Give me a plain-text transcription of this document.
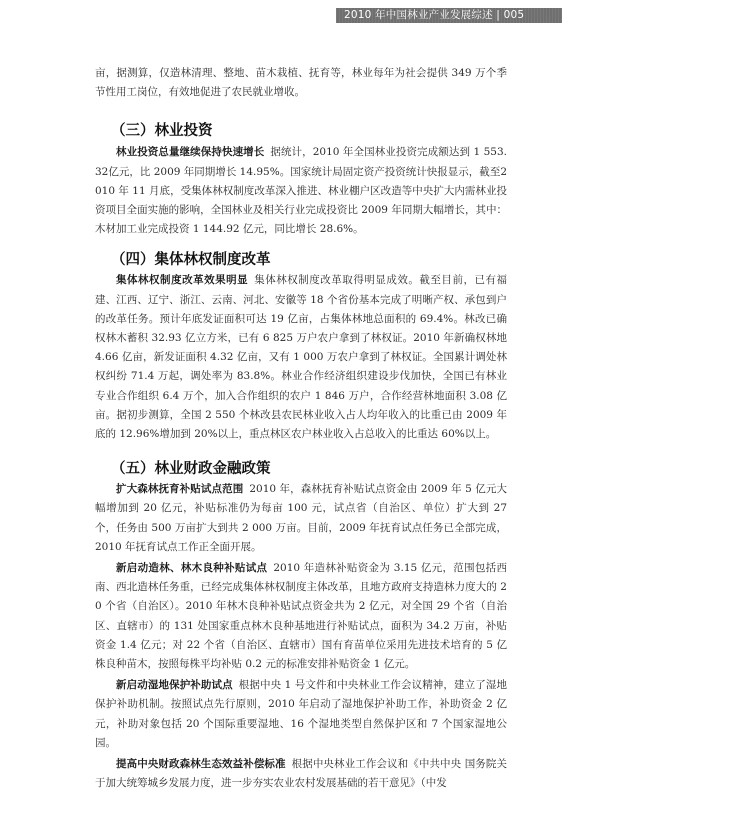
2010 年中国林业产业发展综述 | 005

亩，据测算，仅造林清理、整地、苗木栽植、抚育等，林业每年为社会提供 349 万个季节性用工岗位，有效地促进了农民就业增收。

（三）林业投资

林业投资总量继续保持快速增长 据统计，2010 年全国林业投资完成额达到 1 553.32亿元，比 2009 年同期增长 14.95%。国家统计局固定资产投资统计快报显示，截至2010 年 11 月底，受集体林权制度改革深入推进、林业棚户区改造等中央扩大内需林业投资项目全面实施的影响，全国林业及相关行业完成投资比 2009 年同期大幅增长，其中：木材加工业完成投资 1 144.92 亿元，同比增长 28.6%。

（四）集体林权制度改革

集体林权制度改革效果明显 集体林权制度改革取得明显成效。截至目前，已有福建、江西、辽宁、浙江、云南、河北、安徽等 18 个省份基本完成了明晰产权、承包到户的改革任务。预计年底发证面积可达 19 亿亩，占集体林地总面积的 69.4%。林改已确权林木蓄积 32.93 亿立方米，已有 6 825 万户农户拿到了林权证。2010 年新确权林地 4.66 亿亩，新发证面积 4.32 亿亩，又有 1 000 万农户拿到了林权证。全国累计调处林权纠纷 71.4 万起，调处率为 83.8%。林业合作经济组织建设步伐加快，全国已有林业专业合作组织 6.4 万个，加入合作组织的农户 1 846 万户，合作经营林地面积 3.08 亿亩。据初步测算，全国 2 550 个林改县农民林业收入占人均年收入的比重已由 2009 年底的 12.96%增加到 20%以上，重点林区农户林业收入占总收入的比重达 60%以上。

（五）林业财政金融政策

扩大森林抚育补贴试点范围 2010 年，森林抚育补贴试点资金由 2009 年 5 亿元大幅增加到 20 亿元，补贴标准仍为每亩 100 元，试点省（自治区、单位）扩大到 27 个，任务由 500 万亩扩大到共 2 000 万亩。目前，2009 年抚育试点任务已全部完成，2010 年抚育试点工作正全面开展。

新启动造林、林木良种补贴试点 2010 年造林补贴资金为 3.15 亿元，范围包括西南、西北造林任务重，已经完成集体林权制度主体改革，且地方政府支持造林力度大的 20 个省（自治区）。2010 年林木良种补贴试点资金共为 2 亿元，对全国 29 个省（自治区、直辖市）的 131 处国家重点林木良种基地进行补贴试点，面积为 34.2 万亩，补贴资金 1.4 亿元；对 22 个省（自治区、直辖市）国有育苗单位采用先进技术培育的 5 亿株良种苗木，按照每株平均补贴 0.2 元的标准安排补贴资金 1 亿元。

新启动湿地保护补助试点 根据中央 1 号文件和中央林业工作会议精神，建立了湿地保护补助机制。按照试点先行原则，2010 年启动了湿地保护补助工作，补助资金 2 亿元，补助对象包括 20 个国际重要湿地、16 个湿地类型自然保护区和 7 个国家湿地公园。

提高中央财政森林生态效益补偿标准 根据中央林业工作会议和《中共中央 国务院关于加大统筹城乡发展力度，进一步夯实农业农村发展基础的若干意见》（中发
